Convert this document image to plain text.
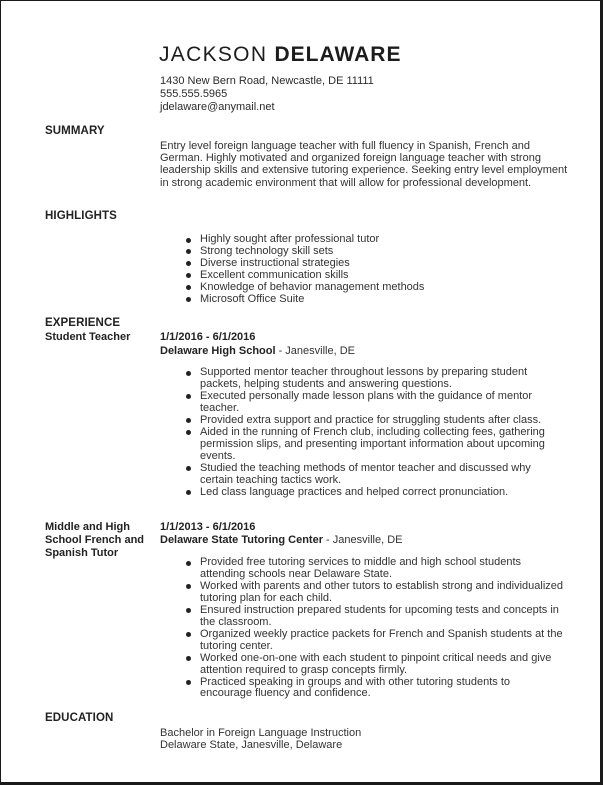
JACKSON DELAWARE
1430 New Bern Road, Newcastle, DE 11111
555.555.5965
jdelaware@anymail.net
SUMMARY
Entry level foreign language teacher with full fluency in Spanish, French and German. Highly motivated and organized foreign language teacher with strong leadership skills and extensive tutoring experience. Seeking entry level employment in strong academic environment that will allow for professional development.
HIGHLIGHTS
Highly sought after professional tutor
Strong technology skill sets
Diverse instructional strategies
Excellent communication skills
Knowledge of behavior management methods
Microsoft Office Suite
EXPERIENCE
Student Teacher	1/1/2016 - 6/1/2016
Delaware High School - Janesville, DE
Supported mentor teacher throughout lessons by preparing student packets, helping students and answering questions.
Executed personally made lesson plans with the guidance of mentor teacher.
Provided extra support and practice for struggling students after class.
Aided in the running of French club, including collecting fees, gathering permission slips, and presenting important information about upcoming events.
Studied the teaching methods of mentor teacher and discussed why certain teaching tactics work.
Led class language practices and helped correct pronunciation.
Middle and High School French and Spanish Tutor
1/1/2013 - 6/1/2016
Delaware State Tutoring Center - Janesville, DE
Provided free tutoring services to middle and high school students attending schools near Delaware State.
Worked with parents and other tutors to establish strong and individualized tutoring plan for each child.
Ensured instruction prepared students for upcoming tests and concepts in the classroom.
Organized weekly practice packets for French and Spanish students at the tutoring center.
Worked one-on-one with each student to pinpoint critical needs and give attention required to grasp concepts firmly.
Practiced speaking in groups and with other tutoring students to encourage fluency and confidence.
EDUCATION
Bachelor in Foreign Language Instruction
Delaware State, Janesville, Delaware
